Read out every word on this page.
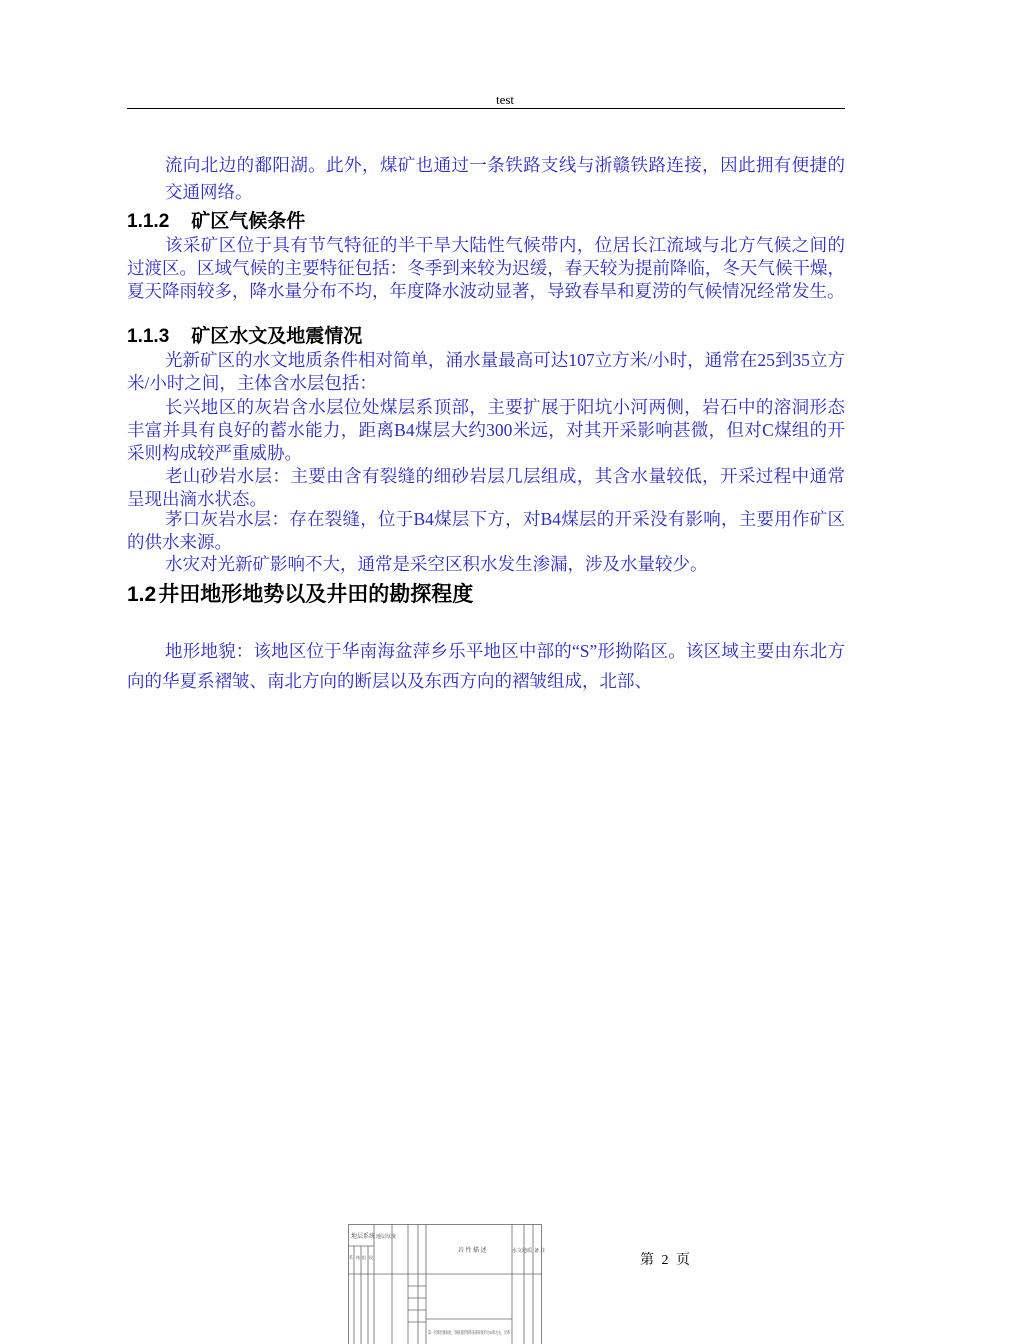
test

流向北边的鄱阳湖。此外，煤矿也通过一条铁路支线与浙赣铁路连接，因此拥有便捷的交通网络。

1.1.2 矿区气候条件

该采矿区位于具有节气特征的半干旱大陆性气候带内，位居长江流域与北方气候之间的过渡区。区域气候的主要特征包括：冬季到来较为迟缓，春天较为提前降临，冬天气候干燥，夏天降雨较多，降水量分布不均，年度降水波动显著，导致春旱和夏涝的气候情况经常发生。

1.1.3 矿区水文及地震情况

光新矿区的水文地质条件相对简单，涌水量最高可达107立方米/小时，通常在25到35立方米/小时之间，主体含水层包括：

长兴地区的灰岩含水层位处煤层系顶部，主要扩展于阳坑小河两侧，岩石中的溶洞形态丰富并具有良好的蓄水能力，距离B4煤层大约300米远，对其开采影响甚微，但对C煤组的开采则构成较严重威胁。

老山砂岩水层：主要由含有裂缝的细砂岩层几层组成，其含水量较低，开采过程中通常呈现出滴水状态。

茅口灰岩水层：存在裂缝，位于B4煤层下方，对B4煤层的开采没有影响，主要用作矿区的供水来源。

水灾对光新矿影响不大，通常是采空区积水发生渗漏，涉及水量较少。

1.2井田地形地势以及井田的勘探程度

地形地貌：该地区位于华南海盆萍乡乐平地区中部的“S”形拗陷区。该区域主要由东北方向的华夏系褶皱、南北方向的断层以及东西方向的褶皱组成，北部、

地层系统 地层厚度
岩 性 描 述	水文地质 备 注
系 统 组 段
第一层煤层薄弱处，铁路菱形煤系顶部厚度约为30米左右，层系
第 2 页
